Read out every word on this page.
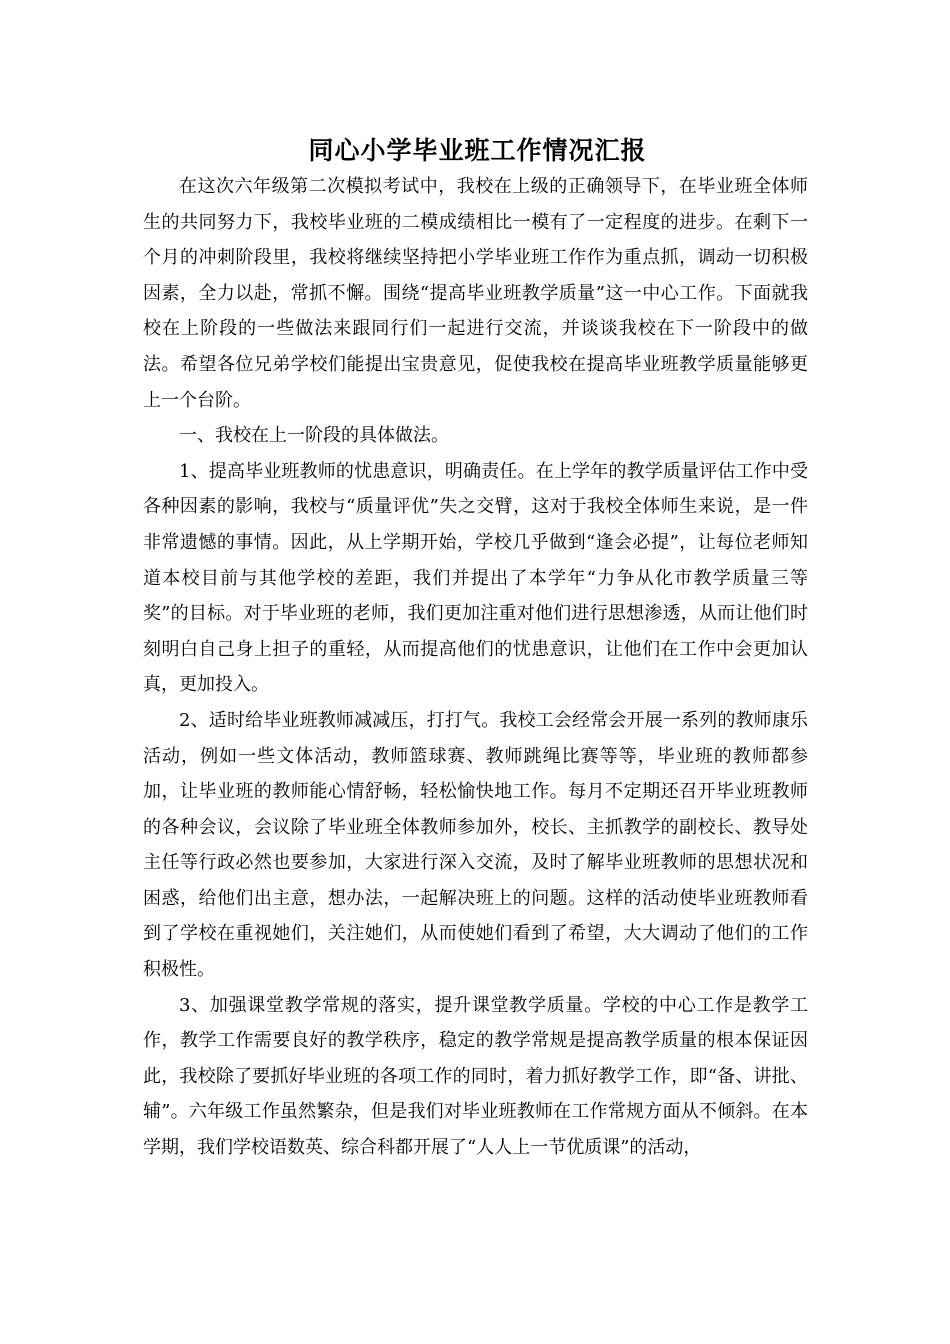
同心小学毕业班工作情况汇报

在这次六年级第二次模拟考试中，我校在上级的正确领导下，在毕业班全体师生的共同努力下，我校毕业班的二模成绩相比一模有了一定程度的进步。在剩下一个月的冲刺阶段里，我校将继续坚持把小学毕业班工作作为重点抓，调动一切积极因素，全力以赴，常抓不懈。围绕“提高毕业班教学质量”这一中心工作。下面就我校在上阶段的一些做法来跟同行们一起进行交流，并谈谈我校在下一阶段中的做法。希望各位兄弟学校们能提出宝贵意见，促使我校在提高毕业班教学质量能够更上一个台阶。

一、我校在上一阶段的具体做法。

1、提高毕业班教师的忧患意识，明确责任。在上学年的教学质量评估工作中受各种因素的影响，我校与“质量评优”失之交臂，这对于我校全体师生来说，是一件非常遗憾的事情。因此，从上学期开始，学校几乎做到“逢会必提”，让每位老师知道本校目前与其他学校的差距，我们并提出了本学年“力争从化市教学质量三等奖”的目标。对于毕业班的老师，我们更加注重对他们进行思想渗透，从而让他们时刻明白自己身上担子的重轻，从而提高他们的忧患意识，让他们在工作中会更加认真，更加投入。

2、适时给毕业班教师减减压，打打气。我校工会经常会开展一系列的教师康乐活动，例如一些文体活动，教师篮球赛、教师跳绳比赛等等，毕业班的教师都参加，让毕业班的教师能心情舒畅，轻松愉快地工作。每月不定期还召开毕业班教师的各种会议，会议除了毕业班全体教师参加外，校长、主抓教学的副校长、教导处主任等行政必然也要参加，大家进行深入交流，及时了解毕业班教师的思想状况和困惑，给他们出主意，想办法，一起解决班上的问题。这样的活动使毕业班教师看到了学校在重视她们，关注她们，从而使她们看到了希望，大大调动了他们的工作积极性。

3、加强课堂教学常规的落实，提升课堂教学质量。学校的中心工作是教学工作，教学工作需要良好的教学秩序，稳定的教学常规是提高教学质量的根本保证因此，我校除了要抓好毕业班的各项工作的同时，着力抓好教学工作，即“备、讲批、辅”。六年级工作虽然繁杂，但是我们对毕业班教师在工作常规方面从不倾斜。在本学期，我们学校语数英、综合科都开展了“人人上一节优质课”的活动，
